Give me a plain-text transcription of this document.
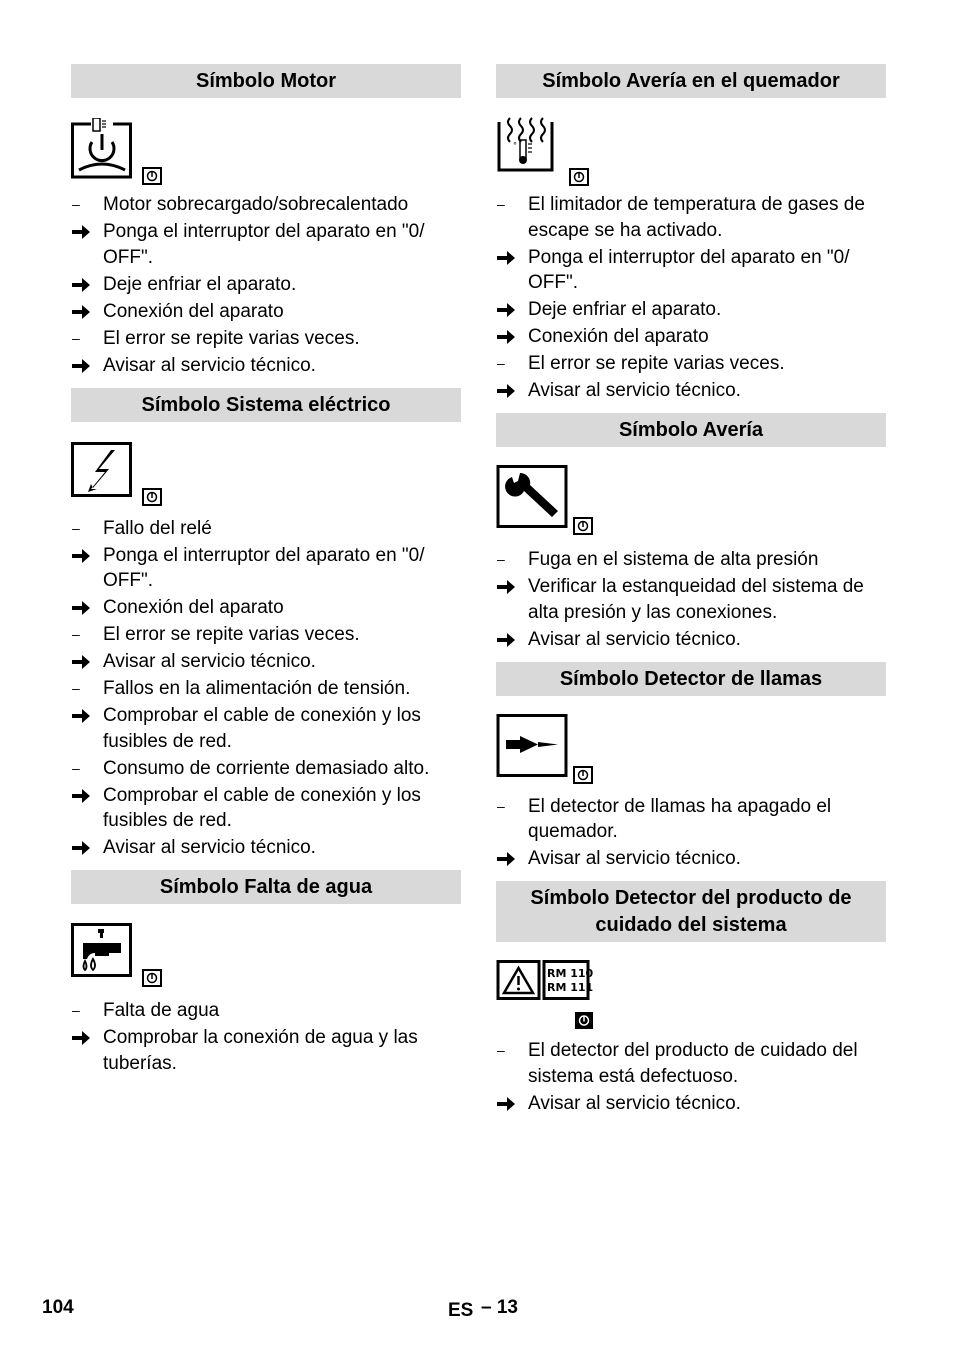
Símbolo Motor
–	Motor sobrecargado/sobrecalentado
Ponga el interruptor del aparato en "0/ OFF".
Deje enfriar el aparato.
Conexión del aparato
–	El error se repite varias veces.
Avisar al servicio técnico.
Símbolo Sistema eléctrico
–	Fallo del relé
Ponga el interruptor del aparato en "0/ OFF".
Conexión del aparato
–	El error se repite varias veces.
Avisar al servicio técnico.
–	Fallos en la alimentación de tensión.
Comprobar el cable de conexión y los fusibles de red.
–	Consumo de corriente demasiado alto.
Comprobar el cable de conexión y los fusibles de red.
Avisar al servicio técnico.
Símbolo Falta de agua
–	Falta de agua
Comprobar la conexión de agua y las tuberías.
Símbolo Avería en el quemador
°
–	El limitador de temperatura de gases de escape se ha activado.
Ponga el interruptor del aparato en "0/ OFF".
Deje enfriar el aparato.
Conexión del aparato
–	El error se repite varias veces.
Avisar al servicio técnico.
Símbolo Avería
–	Fuga en el sistema de alta presión
Verificar la estanqueidad del sistema de alta presión y las conexiones.
Avisar al servicio técnico.
Símbolo Detector de llamas
–	El detector de llamas ha apagado el quemador.
Avisar al servicio técnico.
Símbolo Detector del producto de cuidado del sistema
RM 110
RM 111
–	El detector del producto de cuidado del sistema está defectuoso.
Avisar al servicio técnico.
104	ES – 13
